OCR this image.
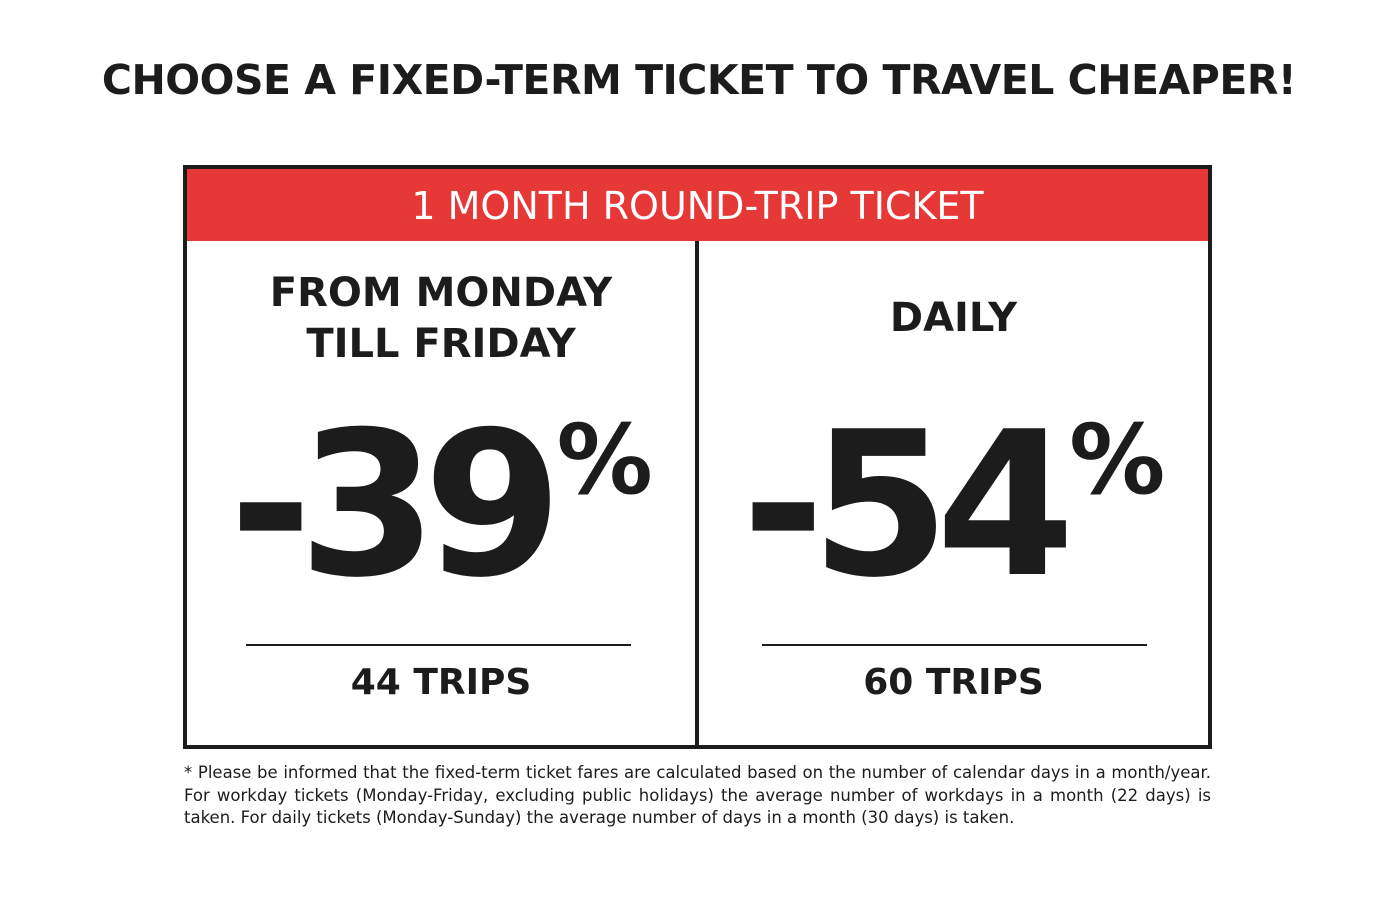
CHOOSE A FIXED-TERM TICKET TO TRAVEL CHEAPER!
1 MONTH ROUND-TRIP TICKET
FROM MONDAY
TILL FRIDAY
-39%
44 TRIPS
DAILY
-54%
60 TRIPS
* Please be informed that the fixed-term ticket fares are calculated based on the number of calendar days in a month/year. For workday tickets (Monday-Friday, excluding public holidays) the average number of workdays in a month (22 days) is taken. For daily tickets (Monday-Sunday) the average number of days in a month (30 days) is taken.
